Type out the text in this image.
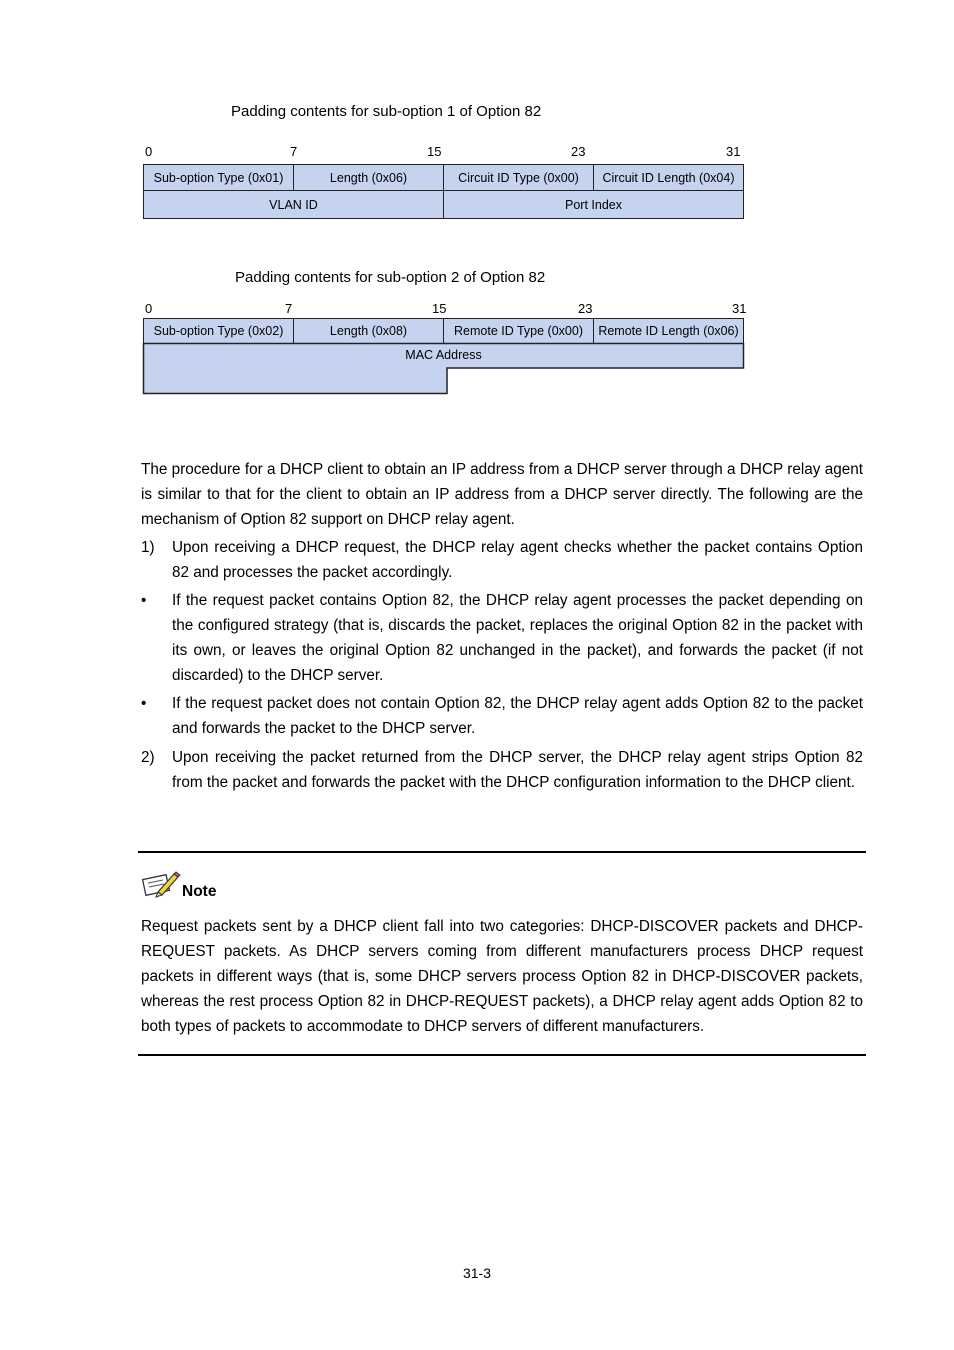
Padding contents for sub-option 1 of Option 82
0	7	15	23	31
Sub-option Type (0x01)	Length (0x06)	Circuit ID Type (0x00)	Circuit ID Length (0x04)
VLAN ID	Port Index
Padding contents for sub-option 2 of Option 82
0	7	15	23	31
Sub-option Type (0x02)	Length (0x08)	Remote ID Type (0x00)	Remote ID Length (0x06)
MAC Address
The procedure for a DHCP client to obtain an IP address from a DHCP server through a DHCP relay agent is similar to that for the client to obtain an IP address from a DHCP server directly. The following are the mechanism of Option 82 support on DHCP relay agent.
1) Upon receiving a DHCP request, the DHCP relay agent checks whether the packet contains Option 82 and processes the packet accordingly.
• If the request packet contains Option 82, the DHCP relay agent processes the packet depending on the configured strategy (that is, discards the packet, replaces the original Option 82 in the packet with its own, or leaves the original Option 82 unchanged in the packet), and forwards the packet (if not discarded) to the DHCP server.
• If the request packet does not contain Option 82, the DHCP relay agent adds Option 82 to the packet and forwards the packet to the DHCP server.
2) Upon receiving the packet returned from the DHCP server, the DHCP relay agent strips Option 82 from the packet and forwards the packet with the DHCP configuration information to the DHCP client.
Note
Request packets sent by a DHCP client fall into two categories: DHCP-DISCOVER packets and DHCP-REQUEST packets. As DHCP servers coming from different manufacturers process DHCP request packets in different ways (that is, some DHCP servers process Option 82 in DHCP-DISCOVER packets, whereas the rest process Option 82 in DHCP-REQUEST packets), a DHCP relay agent adds Option 82 to both types of packets to accommodate to DHCP servers of different manufacturers.
31-3
